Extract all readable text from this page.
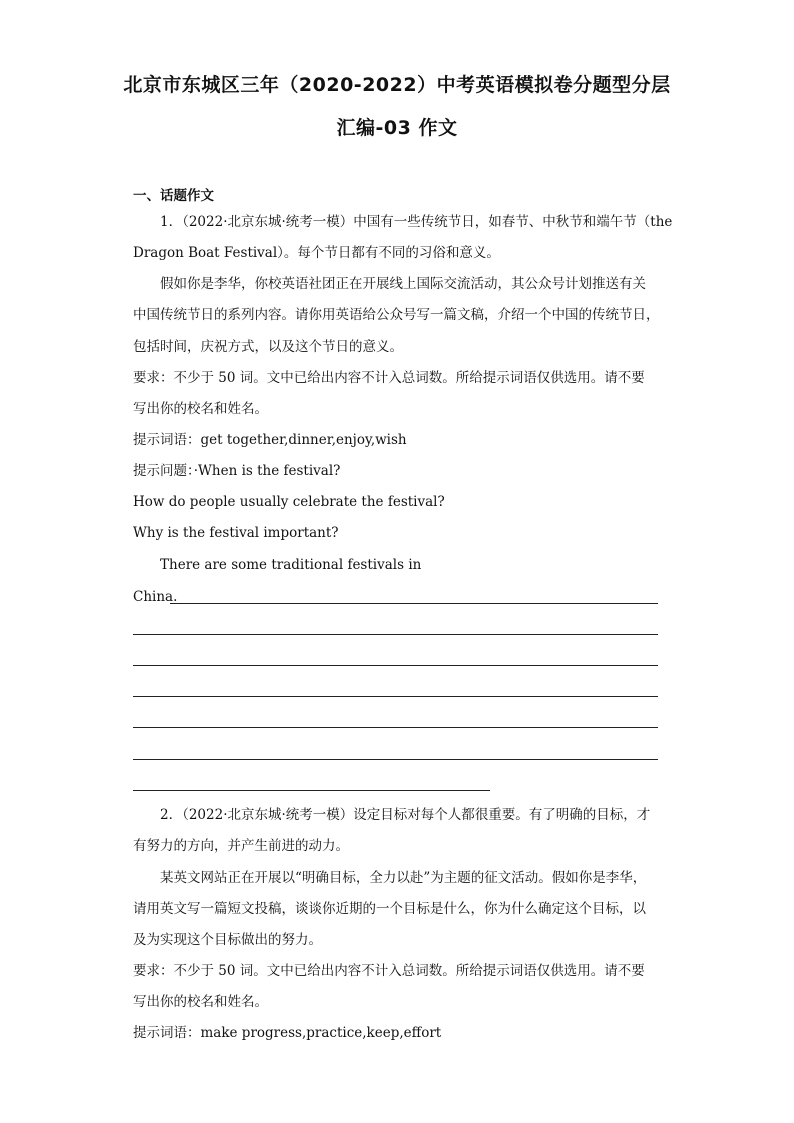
北京市东城区三年（2020-2022）中考英语模拟卷分题型分层
汇编-03 作文
一、话题作文
1．（2022·北京东城·统考一模）中国有一些传统节日，如春节、中秋节和端午节（the
Dragon Boat Festival）。每个节日都有不同的习俗和意义。
假如你是李华，你校英语社团正在开展线上国际交流活动，其公众号计划推送有关
中国传统节日的系列内容。请你用英语给公众号写一篇文稿，介绍一个中国的传统节日，
包括时间，庆祝方式，以及这个节日的意义。
要求：不少于 50 词。文中已给出内容不计入总词数。所给提示词语仅供选用。请不要
写出你的校名和姓名。
提示词语：get together,dinner,enjoy,wish
提示问题：·When is the festival?
How do people usually celebrate the festival?
Why is the festival important?
There are some traditional festivals in
China.
2．（2022·北京东城·统考一模）设定目标对每个人都很重要。有了明确的目标，才
有努力的方向，并产生前进的动力。
某英文网站正在开展以“明确目标，全力以赴”为主题的征文活动。假如你是李华，
请用英文写一篇短文投稿，谈谈你近期的一个目标是什么，你为什么确定这个目标，以
及为实现这个目标做出的努力。
要求：不少于 50 词。文中已给出内容不计入总词数。所给提示词语仅供选用。请不要
写出你的校名和姓名。
提示词语：make progress,practice,keep,effort
